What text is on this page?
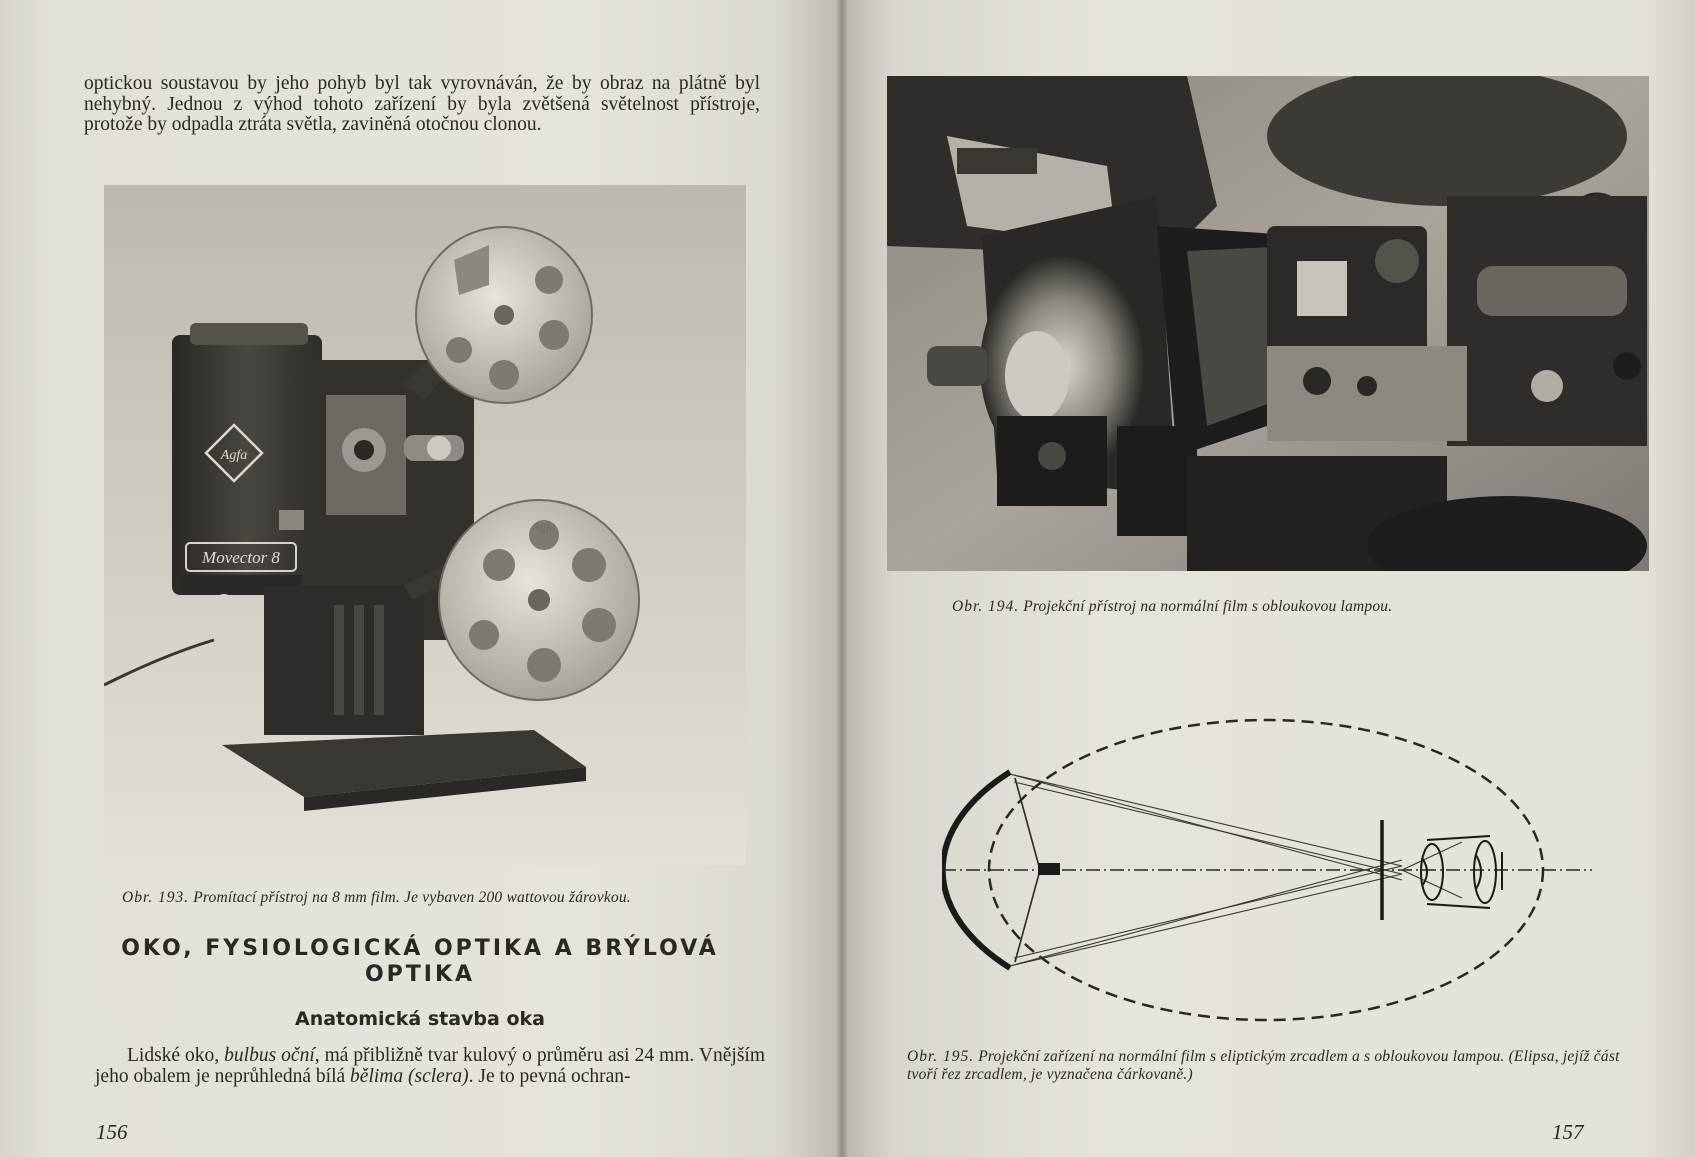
optickou soustavou by jeho pohyb byl tak vyrovnáván, že by obraz na plátně byl nehybný. Jednou z výhod tohoto zařízení by byla zvětšená světelnost přístroje, protože by odpadla ztráta světla, zaviněná otočnou clonou.

Agfa
Movector 8
Agfa

Obr. 193. Promítací přístroj na 8 mm film. Je vybaven 200 wattovou žárovkou.

OKO, FYSIOLOGICKÁ OPTIKA A BRÝLOVÁ

OPTIKA

Anatomická stavba oka

Lidské oko, bulbus oční, má přibližně tvar kulový o průměru asi 24 mm. Vnějším jeho obalem je neprůhledná bílá bělima (sclera). Je to pevná ochran-

156

Obr. 194. Projekční přístroj na normální film s obloukovou lampou.

Obr. 195. Projekční zařízení na normální film s eliptickým zrcadlem a s obloukovou lampou. (Elipsa, jejíž část tvoří řez zrcadlem, je vyznačena čárkovaně.)

157
